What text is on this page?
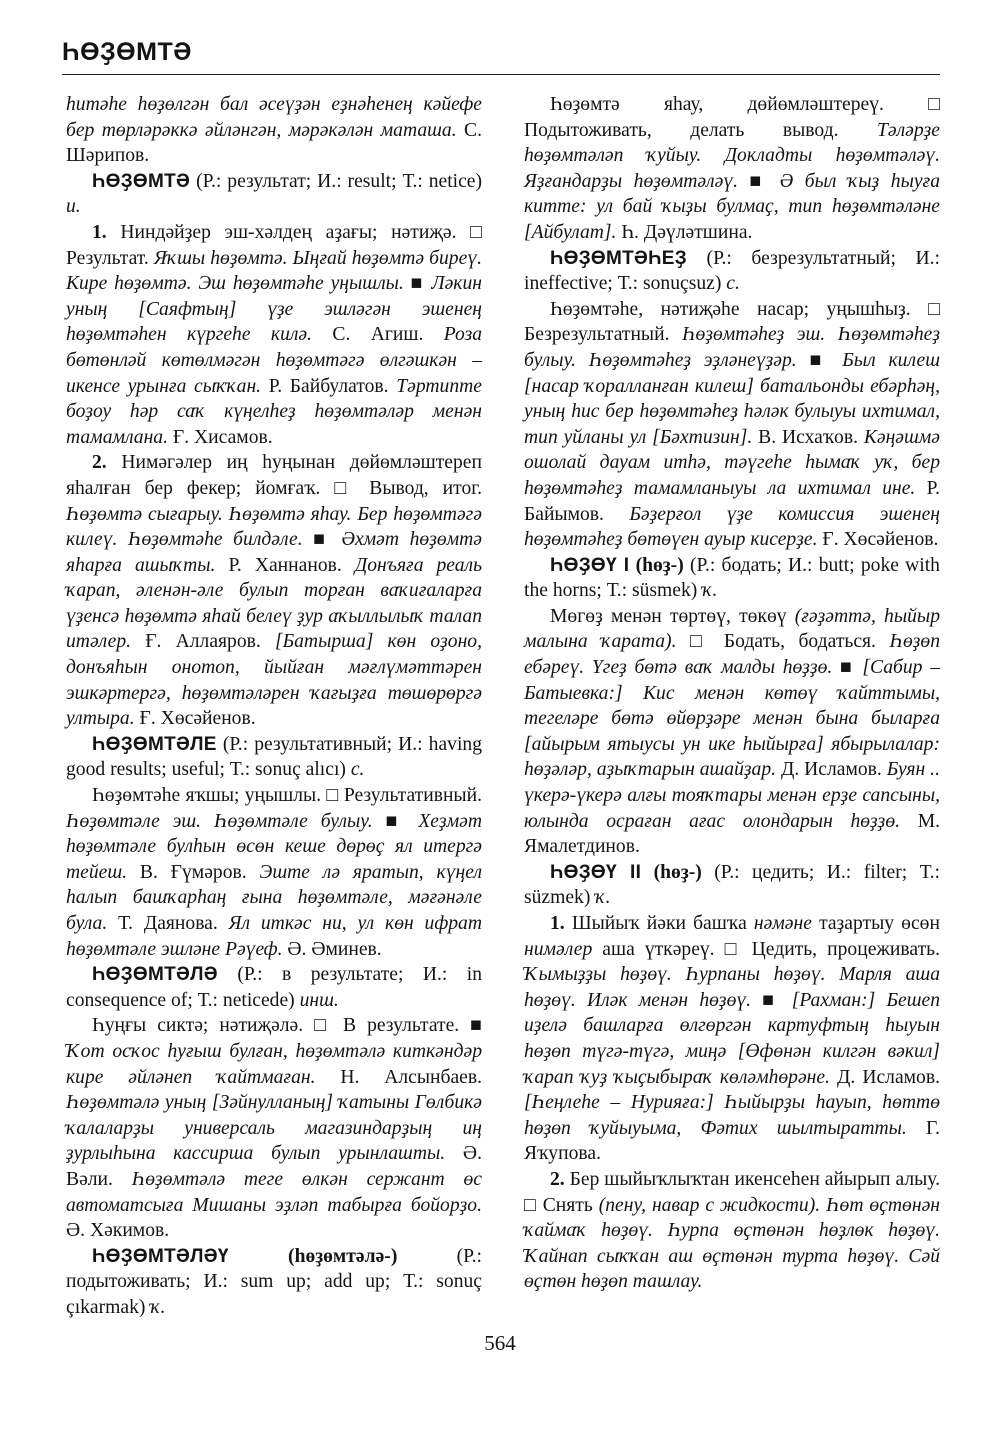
ҺӨҘӨМТӘ

hитәhе hөҙөлгән бал әсеүҙән еҙнәhенең кәйефе бер төрләрәккә әйләнгән, мәрәкәлән маташа. С. Шәрипов.

ҺӨҘӨМТӘ (Р.: результат; И.: result; Т.: netice) и.

1. Ниндәйҙер эш-хәлдең аҙағы; нәтиҗә. □ Результат. Яҡшы hөҙөмтә. Ыңғай hөҙөмтә биреү. Кире hөҙөмтә. Эш hөҙөмтәhе уңышлы. ■ Ләкин уның [Саяфтың] үҙе эшләгән эшенең hөҙөмтәhен күргеhе килә. С. Агиш. Роза бөтөнләй көтөлмәгән hөҙөмтәгә өлгәшкән – икенсе урынға сыҡҡан. Р. Байбулатов. Тәртипте боҙоу hәр саҡ күңелhеҙ hөҙөмтәләр менән тамамлана. Ғ. Хисамов.

2. Нимәгәлер иң һуңынан дөйөмләштереп яһалған бер фекер; йомғаҡ. □ Вывод, итог. Һөҙөмтә сығарыу. Һөҙөмтә яһау. Бер hөҙөмтәгә килеү. Һөҙөмтәhе билдәле. ■ Әхмәт hөҙөмтә яһарға ашыҡты. Р. Ханнанов. Донъяға реаль ҡарап, әленән-әле булып торған ваҡиғаларға үҙенсә hөҙөмтә яһай белеү ҙур аҡыллылыҡ талап итәлер. Ғ. Аллаяров. [Батырша] көн оҙоно, донъяһын онотоп, йыйған мәғлүмәттәрен эшкәртергә, hөҙөмтәләрен ҡағыҙға төшөрөргә ултыра. Ғ. Хөсәйенов.

ҺӨҘӨМТӘЛЕ (Р.: результативный; И.: having good results; useful; Т.: sonuç alıcı) с.

Һөҙөмтәhе яҡшы; уңышлы. □ Результативный. Һөҙөмтәле эш. Һөҙөмтәле булыу. ■ Хеҙмәт hөҙөмтәле булhын өсөн кеше дөрөҫ ял итергә тейеш. В. Ғүмәров. Эште лә яратып, күңел hалып башҡарhаң ғына hөҙөмтәле, мәғәнәле була. Т. Даянова. Ял иткәс ни, ул көн ифрат hөҙөмтәле эшләне Рәүеф. Ә. Әминев.

ҺӨҘӨМТӘЛӘ (Р.: в результате; И.: in consequence of; Т.: neticede) инш.

Һуңғы сиктә; нәтиҗәлә. □ В результате. ■ Ҡот осҡос hуғыш булған, hөҙөмтәлә киткәндәр кире әйләнеп ҡайтмаған. Н. Алсынбаев. Һөҙөмтәлә уның [Зәйнулланың] ҡатыны Гөлбикә ҡалаларҙы универсаль магазиндарҙың иң ҙурлыhына кассирша булып урынлашты. Ә. Вәли. Һөҙөмтәлә теге өлкән сержант өс автоматсыға Мишаны эҙләп табырға бойорҙо. Ә. Хәкимов.

ҺӨҘӨМТӘЛӘҮ	(hөҙөмтәлә-)	(Р.: подытоживать; И.: sum up; add up; Т.: sonuç çıkarmak) ҡ.

Һөҙөмтә яһау, дөйөмләштереү. □ Подытоживать, делать вывод. Тәләрҙе hөҙөмтәләп ҡуйыу. Докладты hөҙөмтәләү. Яҙғандарҙы hөҙөмтәләү. ■ Ә был ҡыҙ hыуға китте: ул бай ҡыҙы булмаҫ, тип hөҙөмтәләне [Айбулат]. Һ. Дәүләтшина.

ҺӨҘӨМТӘҺЕҘ (Р.: безрезультатный; И.: ineffective; Т.: sonuçsuz) с.

Һөҙөмтәhе, нәтиҗәhе насар; уңышhыҙ. □ Безрезультатный. Һөҙөмтәhеҙ эш. Һөҙөмтәhеҙ булыу. Һөҙөмтәhеҙ эҙләнеүҙәр. ■ Был килеш [насар ҡоралланған килеш] батальонды ебәрhәң, уның hис бер hөҙөмтәhеҙ hәләк булыуы ихтимал, тип уйланы ул [Бәхтизин]. В. Исхаҡов. Кәңәшмә ошолай дауам итhә, тәүгеhе hымаҡ уҡ, бер hөҙөмтәhеҙ тамамланыуы ла ихтимал ине. Р. Байымов. Бәҙерғол үҙе комиссия эшенең hөҙөмтәhеҙ бөтөүен ауыр кисерҙе. Ғ. Хөсәйенов.

ҺӨҘӨҮ I (hөҙ-) (Р.: бодать; И.: butt; poke with the horns; Т.: süsmek) ҡ.

Мөгөҙ менән төртөү, төкөү (ғәҙәттә, hыйыр малына ҡарата). □ Бодать, бодаться. Һөҙөп ебәреү. Үгеҙ бөтә ваҡ малды hөҙҙө. ■ [Сабир – Батыевка:] Кис менән көтөү ҡайттымы, тегеләре бөтә өйөрҙәре менән бына быларға [айырым ятыусы ун ике hыйырға] ябырылалар: hөҙәләр, аҙыҡтарын ашайҙар. Д. Исламов. Буян .. үкерә-үкерә алғы тояҡтары менән ерҙе сапсыны, юлында осраған ағас олондарын hөҙҙө. М. Ямалетдинов.

ҺӨҘӨҮ II (hөҙ-) (Р.: цедить; И.: filter; Т.: süzmek) ҡ.

1. Шыйыҡ йәки башҡа нәмәне таҙартыу өсөн нимәлер аша үткәреү. □ Цедить, процеживать. Ҡымыҙҙы hөҙөү. Һурпаны hөҙөү. Марля аша hөҙөү. Иләк менән hөҙөү. ■ [Рахман:] Бешеп иҙелә башларға өлгөргән картуфтың hыуын hөҙөп түгә-түгә, миңә [Өфөнән килгән вәкил] ҡарап ҡуҙ ҡыҫыбыраҡ көләмhөрәне. Д. Исламов. [Һеңлеhе – Нурияға:] Һыйырҙы hауып, hөттө hөҙөп ҡуйыуыма, Фәтих шылтыратты. Г. Яҡупова.

2. Бер шыйыҡлыҡтан икенсеhен айырып алыу. □ Снять (пену, навар с жидкости). Һөт өҫтөнән ҡаймаҡ hөҙөү. Һурпа өҫтөнән hөҙлөк hөҙөү. Ҡайнап сыҡҡан аш өҫтөнән турта hөҙөү. Сәй өҫтөн hөҙөп ташлау.

564
